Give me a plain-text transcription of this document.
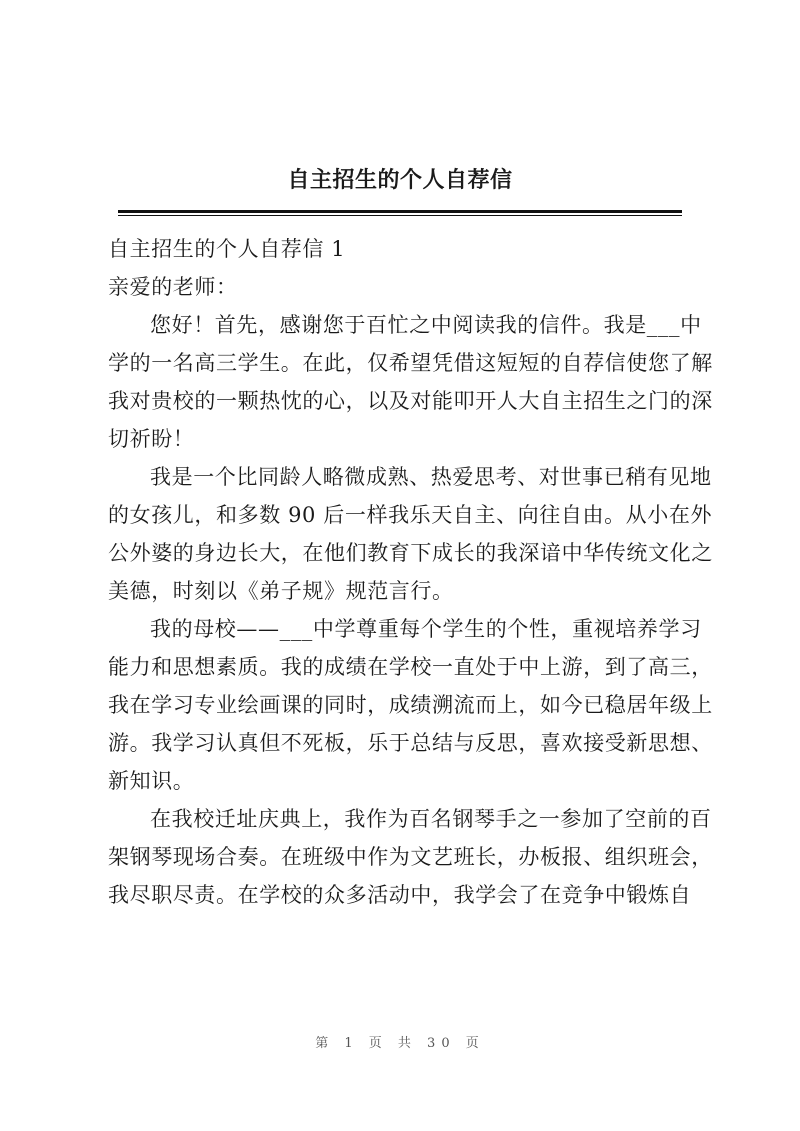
自主招生的个人自荐信
自主招生的个人自荐信 1
亲爱的老师：
您好！首先，感谢您于百忙之中阅读我的信件。我是___中
学的一名高三学生。在此，仅希望凭借这短短的自荐信使您了解
我对贵校的一颗热忱的心，以及对能叩开人大自主招生之门的深
切祈盼！
我是一个比同龄人略微成熟、热爱思考、对世事已稍有见地
的女孩儿，和多数 90 后一样我乐天自主、向往自由。从小在外
公外婆的身边长大，在他们教育下成长的我深谙中华传统文化之
美德，时刻以《弟子规》规范言行。
我的母校——___中学尊重每个学生的个性，重视培养学习
能力和思想素质。我的成绩在学校一直处于中上游，到了高三，
我在学习专业绘画课的同时，成绩溯流而上，如今已稳居年级上
游。我学习认真但不死板，乐于总结与反思，喜欢接受新思想、
新知识。
在我校迁址庆典上，我作为百名钢琴手之一参加了空前的百
架钢琴现场合奏。在班级中作为文艺班长，办板报、组织班会，
我尽职尽责。在学校的众多活动中，我学会了在竞争中锻炼自
第 1 页 共 30 页
